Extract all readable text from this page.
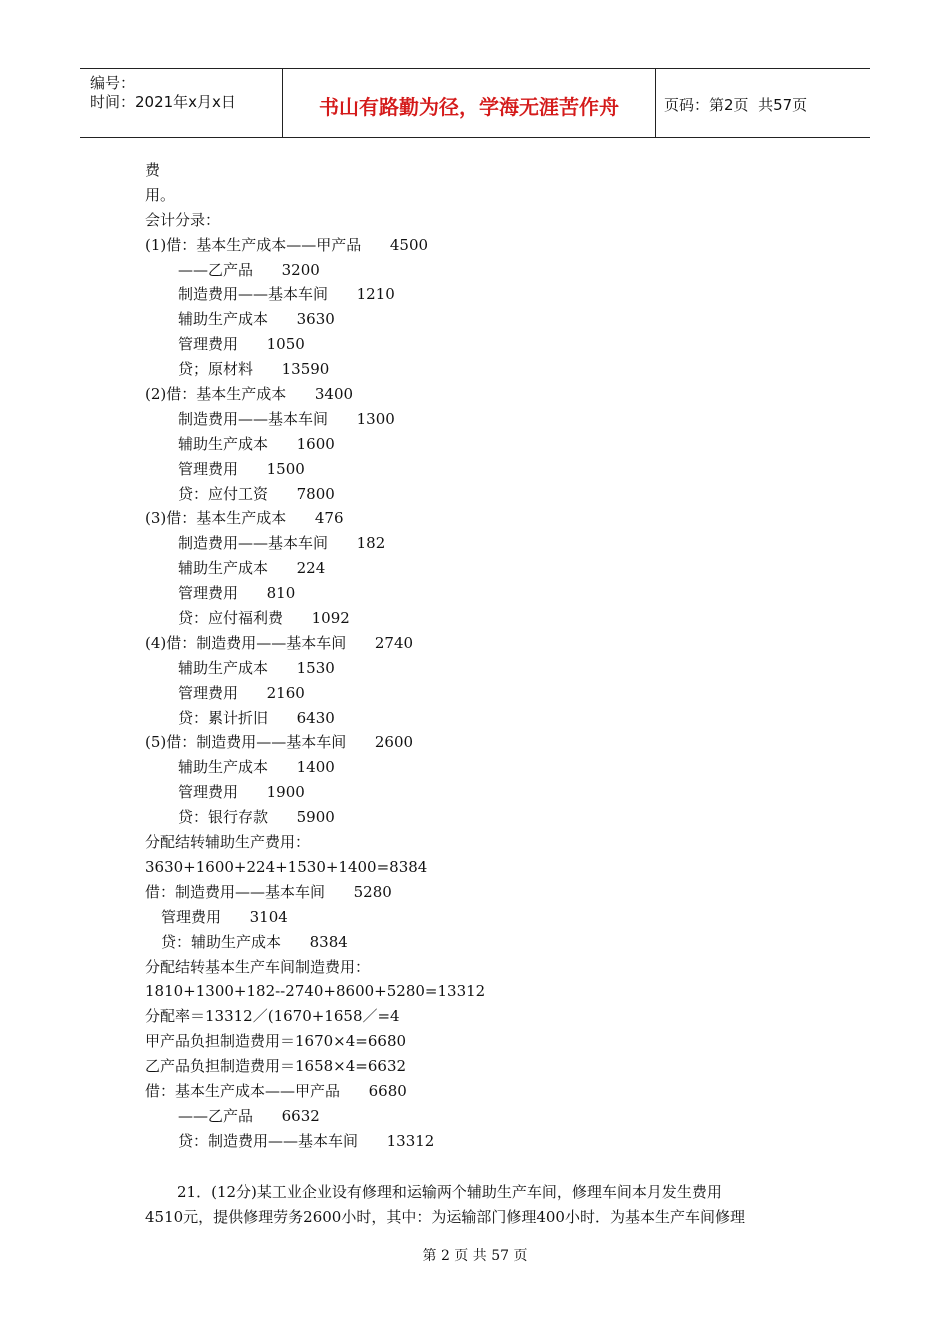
编号：
时间：2021年x月x日	书山有路勤为径，学海无涯苦作舟	页码：第2页  共57页
费
用。
会计分录：
(1)借：基本生产成本——甲产品      4500
——乙产品      3200
制造费用——基本车间      1210
辅助生产成本      3630
管理费用      1050
贷；原材料      13590
(2)借：基本生产成本      3400
制造费用——基本车间      1300
辅助生产成本      1600
管理费用      1500
贷：应付工资      7800
(3)借：基本生产成本      476
制造费用——基本车间      182
辅助生产成本      224
管理费用      810
贷：应付福利费      1092
(4)借：制造费用——基本车间      2740
辅助生产成本      1530
管理费用      2160
贷：累计折旧      6430
(5)借：制造费用——基本车间      2600
辅助生产成本      1400
管理费用      1900
贷：银行存款      5900
分配结转辅助生产费用：
3630+1600+224+1530+1400=8384
借：制造费用——基本车间      5280
管理费用      3104
贷：辅助生产成本      8384
分配结转基本生产车间制造费用：
1810+1300+182--2740+8600+5280=13312
分配率＝13312／(1670+1658／=4
甲产品负担制造费用＝1670×4=6680
乙产品负担制造费用＝1658×4=6632
借：基本生产成本——甲产品      6680
——乙产品      6632
贷：制造费用——基本车间      13312
21．(12分)某工业企业设有修理和运输两个辅助生产车间，修理车间本月发生费用
4510元，提供修理劳务2600小时，其中：为运输部门修理400小时．为基本生产车间修理
第 2 页 共 57 页
